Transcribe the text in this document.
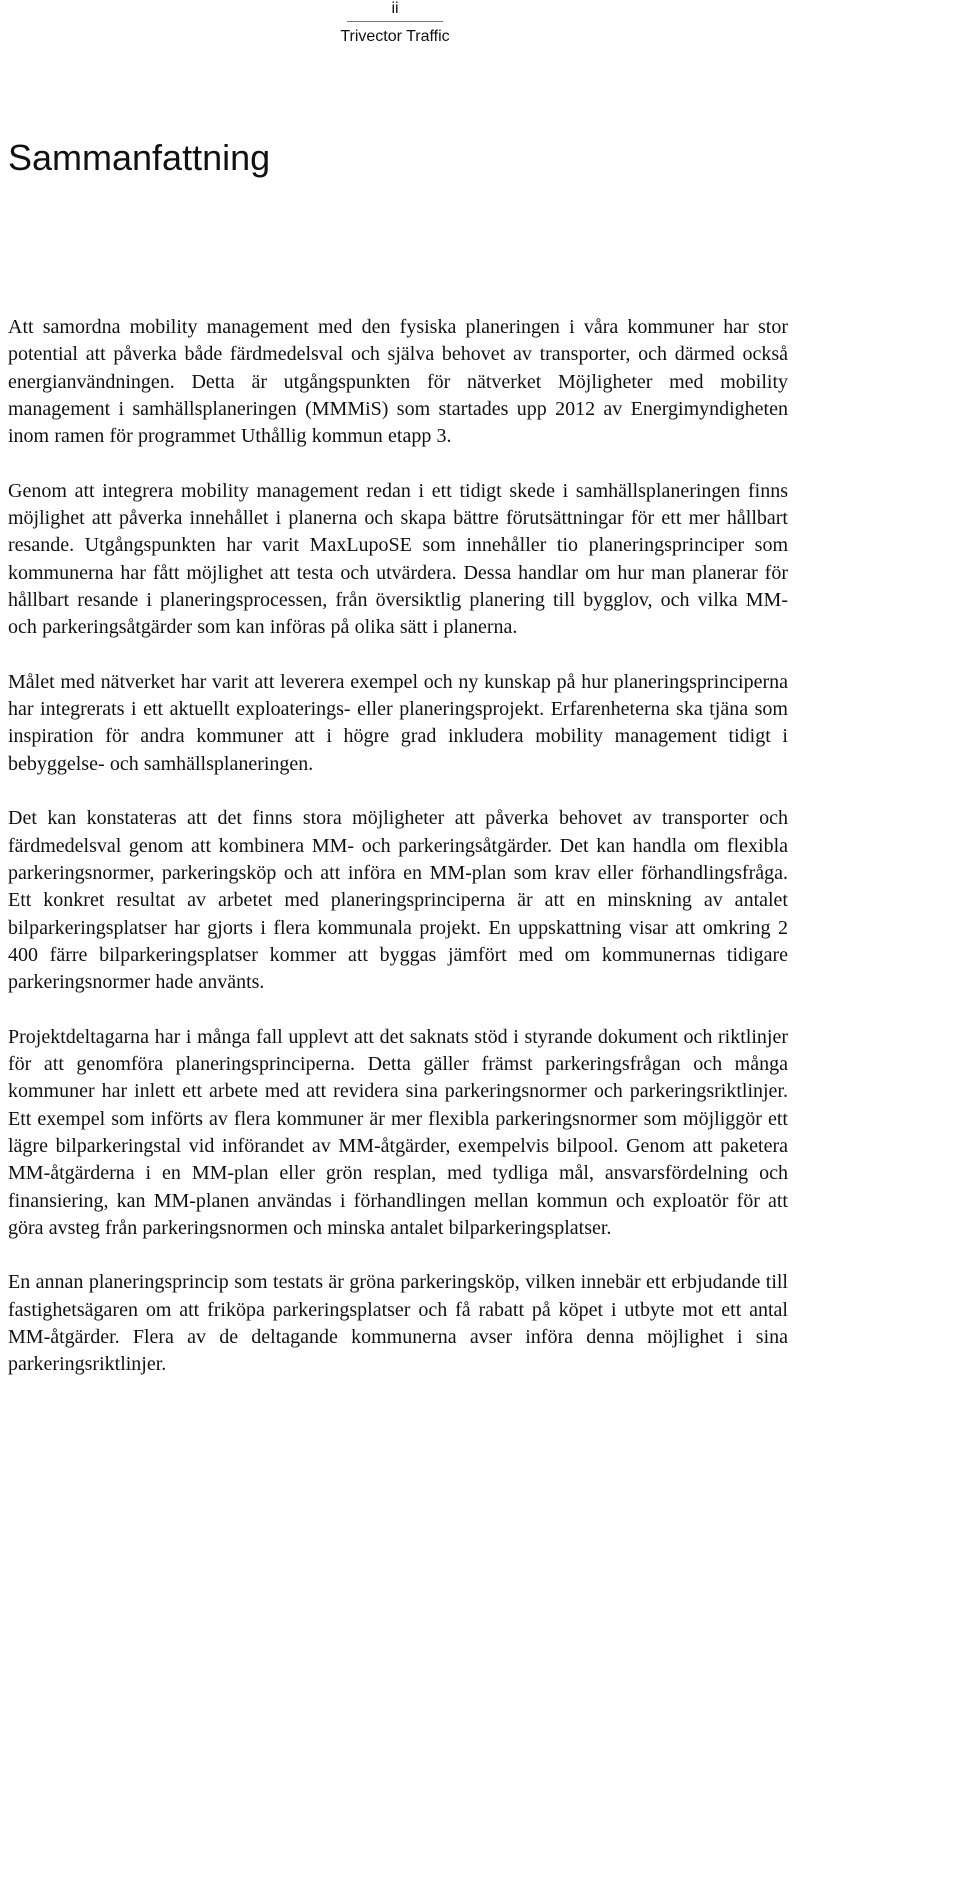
ii
Trivector Traffic
Sammanfattning

Att samordna mobility management med den fysiska planeringen i våra kommuner har stor potential att påverka både färdmedelsval och själva behovet av transporter, och därmed också energianvändningen. Detta är utgångspunkten för nätverket Möjligheter med mobility management i samhällsplaneringen (MMMiS) som startades upp 2012 av Energimyndigheten inom ramen för programmet Uthållig kommun etapp 3.

Genom att integrera mobility management redan i ett tidigt skede i samhällsplaneringen finns möjlighet att påverka innehållet i planerna och skapa bättre förutsättningar för ett mer hållbart resande. Utgångspunkten har varit MaxLupoSE som innehåller tio planeringsprinciper som kommunerna har fått möjlighet att testa och utvärdera. Dessa handlar om hur man planerar för hållbart resande i planeringsprocessen, från översiktlig planering till bygglov, och vilka MM- och parkeringsåtgärder som kan införas på olika sätt i planerna.

Målet med nätverket har varit att leverera exempel och ny kunskap på hur planeringsprinciperna har integrerats i ett aktuellt exploaterings- eller planeringsprojekt. Erfarenheterna ska tjäna som inspiration för andra kommuner att i högre grad inkludera mobility management tidigt i bebyggelse- och samhällsplaneringen.

Det kan konstateras att det finns stora möjligheter att påverka behovet av transporter och färdmedelsval genom att kombinera MM- och parkeringsåtgärder. Det kan handla om flexibla parkeringsnormer, parkeringsköp och att införa en MM-plan som krav eller förhandlingsfråga. Ett konkret resultat av arbetet med planeringsprinciperna är att en minskning av antalet bilparkeringsplatser har gjorts i flera kommunala projekt. En uppskattning visar att omkring 2 400 färre bilparkeringsplatser kommer att byggas jämfört med om kommunernas tidigare parkeringsnormer hade använts.

Projektdeltagarna har i många fall upplevt att det saknats stöd i styrande dokument och riktlinjer för att genomföra planeringsprinciperna. Detta gäller främst parkeringsfrågan och många kommuner har inlett ett arbete med att revidera sina parkeringsnormer och parkeringsriktlinjer. Ett exempel som införts av flera kommuner är mer flexibla parkeringsnormer som möjliggör ett lägre bilparkeringstal vid införandet av MM-åtgärder, exempelvis bilpool. Genom att paketera MM-åtgärderna i en MM-plan eller grön resplan, med tydliga mål, ansvarsfördelning och finansiering, kan MM-planen användas i förhandlingen mellan kommun och exploatör för att göra avsteg från parkeringsnormen och minska antalet bilparkeringsplatser.

En annan planeringsprincip som testats är gröna parkeringsköp, vilken innebär ett erbjudande till fastighetsägaren om att friköpa parkeringsplatser och få rabatt på köpet i utbyte mot ett antal MM-åtgärder. Flera av de deltagande kommunerna avser införa denna möjlighet i sina parkeringsriktlinjer.
